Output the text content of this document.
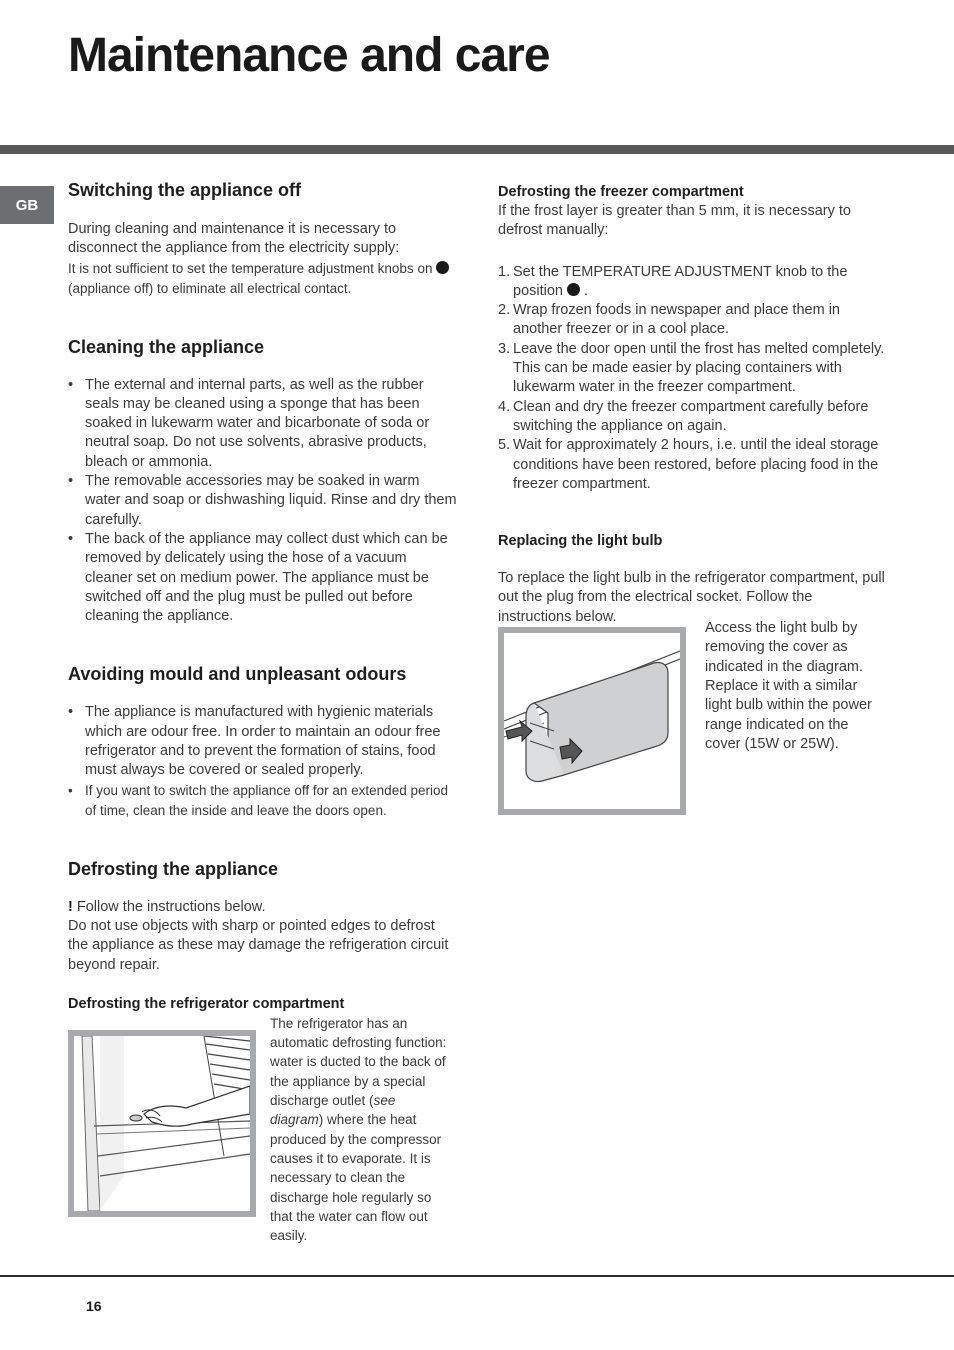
Maintenance and care
GB
Switching the appliance off

During cleaning and maintenance it is necessary to disconnect the appliance from the electricity supply:

It is not sufficient to set the temperature adjustment knobs on  (appliance off) to eliminate all electrical contact.

Cleaning the appliance
• The external and internal parts, as well as the rubber seals may be cleaned using a sponge that has been soaked in lukewarm water and bicarbonate of soda or neutral soap. Do not use solvents, abrasive products, bleach or ammonia.
• The removable accessories may be soaked in warm water and soap or dishwashing liquid. Rinse and dry them carefully.
• The back of the appliance may collect dust which can be removed by delicately using the hose of a vacuum cleaner set on medium power. The appliance must be switched off and the plug must be pulled out before cleaning the appliance.
Avoiding mould and unpleasant odours
• The appliance is manufactured with hygienic materials which are odour free. In order to maintain an odour free refrigerator and to prevent the formation of stains, food must always be covered or sealed properly.
• If you want to switch the appliance off for an extended period of time, clean the inside and leave the doors open.
Defrosting the appliance

! Follow the instructions below.

Do not use objects with sharp or pointed edges to defrost the appliance as these may damage the refrigeration circuit beyond repair.

Defrosting the refrigerator compartment

The refrigerator has an automatic defrosting function: water is ducted to the back of the appliance by a special discharge outlet (see diagram) where the heat produced by the compressor causes it to evaporate. It is necessary to clean the discharge hole regularly so that the water can flow out easily.

Defrosting the freezer compartment

If the frost layer is greater than 5 mm, it is necessary to defrost manually:

1. Set the TEMPERATURE ADJUSTMENT knob to the position .
2. Wrap frozen foods in newspaper and place them in another freezer or in a cool place.
3. Leave the door open until the frost has melted completely. This can be made easier by placing containers with lukewarm water in the freezer compartment.
4. Clean and dry the freezer compartment carefully before switching the appliance on again.
5. Wait for approximately 2 hours, i.e. until the ideal storage conditions have been restored, before placing food in the freezer compartment.
Replacing the light bulb

To replace the light bulb in the refrigerator compartment, pull out the plug from the electrical socket. Follow the instructions below.

Access the light bulb by removing the cover as indicated in the diagram. Replace it with a similar light bulb within the power range indicated on the cover (15W or 25W).

16
